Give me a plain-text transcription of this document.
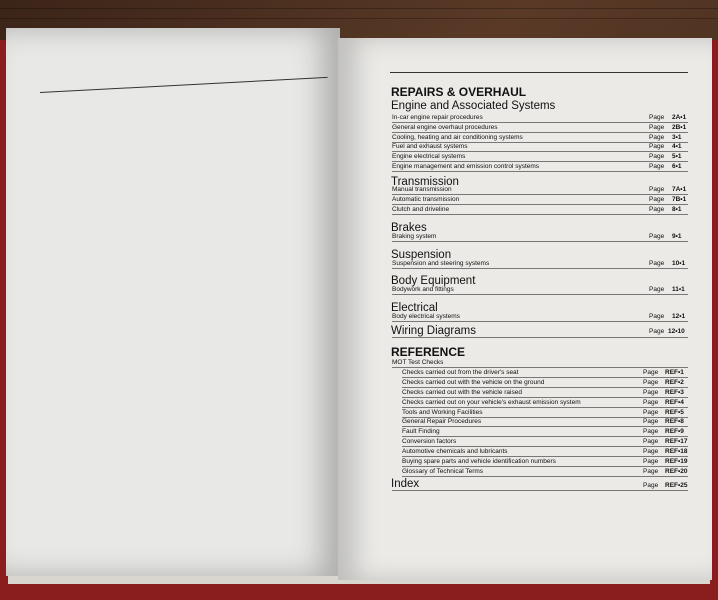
REPAIRS & OVERHAUL
Engine and Associated Systems
In-car engine repair procedures	Page 2A•1
General engine overhaul procedures	Page 2B•1
Cooling, heating and air conditioning systems	Page 3•1
Fuel and exhaust systems	Page 4•1
Engine electrical systems	Page 5•1
Engine management and emission control systems	Page 6•1
Transmission
Manual transmission	Page 7A•1
Automatic transmission	Page 7B•1
Clutch and driveline	Page 8•1
Brakes
Braking system	Page 9•1
Suspension
Suspension and steering systems	Page 10•1
Body Equipment
Bodywork and fittings	Page 11•1
Electrical
Body electrical systems	Page 12•1
Wiring Diagrams	Page 12•10
REFERENCE
MOT Test Checks
Checks carried out from the driver's seat	Page REF•1
Checks carried out with the vehicle on the ground	Page REF•2
Checks carried out with the vehicle raised	Page REF•3
Checks carried out on your vehicle's exhaust emission system	Page REF•4
Tools and Working Facilities	Page REF•5
General Repair Procedures	Page REF•8
Fault Finding	Page REF•9
Conversion factors	Page REF•17
Automotive chemicals and lubricants	Page REF•18
Buying spare parts and vehicle identification numbers	Page REF•19
Glossary of Technical Terms	Page REF•20
Index	Page REF•25
